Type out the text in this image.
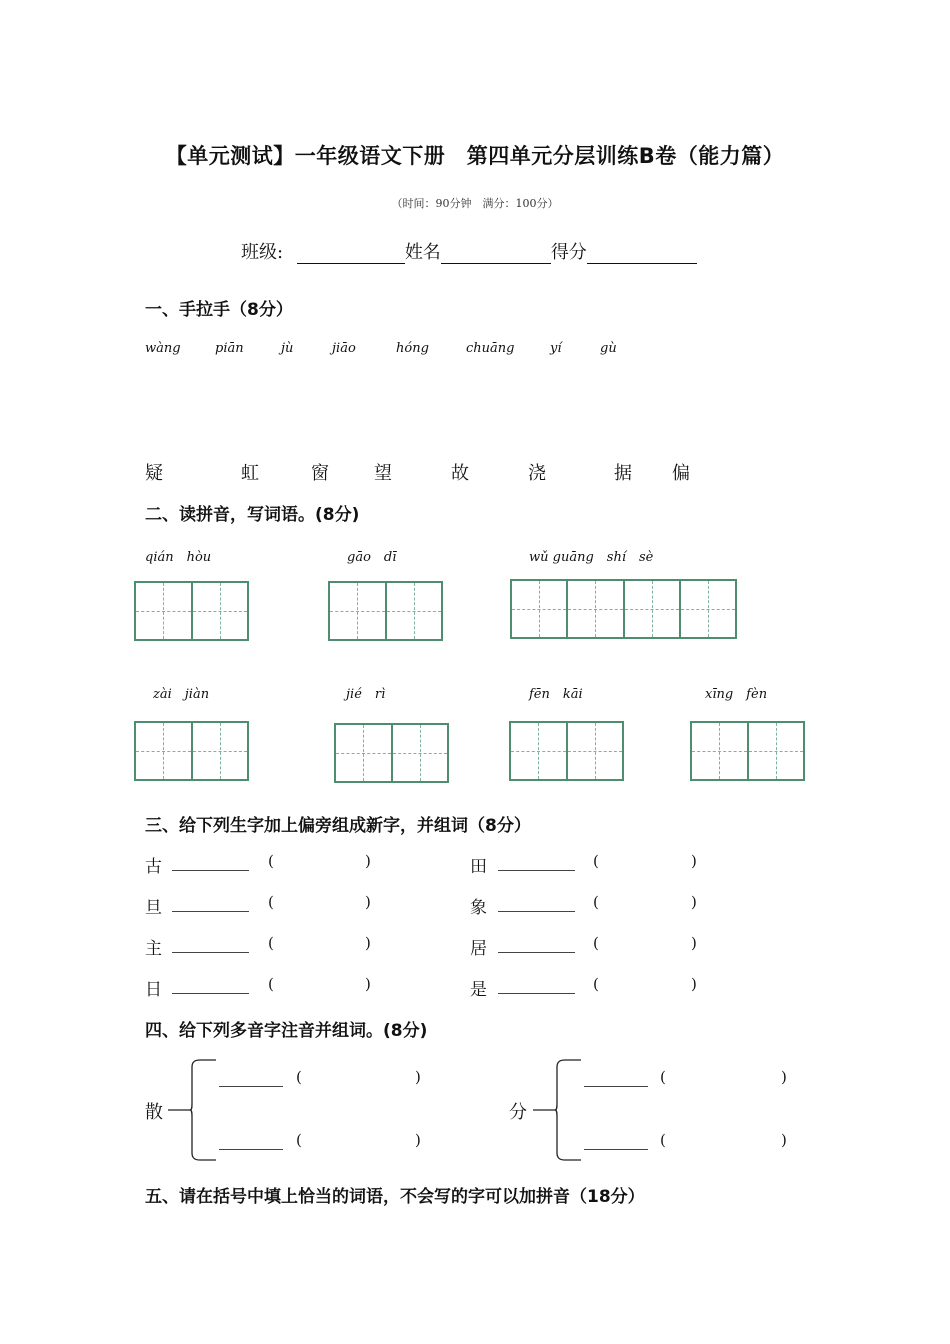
【单元测试】一年级语文下册　第四单元分层训练B卷（能力篇）
（时间：90分钟　满分：100分）
班级:	姓名	得分
一、手拉手（8分）
wàng	piān	jù	jiāo	hóng	chuāng	yí	gù
疑	虹	窗	望	故	浇	据 偏
二、读拼音，写词语。(8分)
qián　hòu	gāo　dī	wǔ guāng　shí　sè
zài　jiàn	jié　rì	fēn　kāi	xīng　fèn
三、给下列生字加上偏旁组成新字，并组词（8分）
古	(	)
旦	(	)
主	(	)
日	(	)
田	(	)
象	(	)
居	(	)
是	(	)
四、给下列多音字注音并组词。(8分)
散	分
(	)
(	)
(	)
(	)
五、请在括号中填上恰当的词语，不会写的字可以加拼音（18分）
